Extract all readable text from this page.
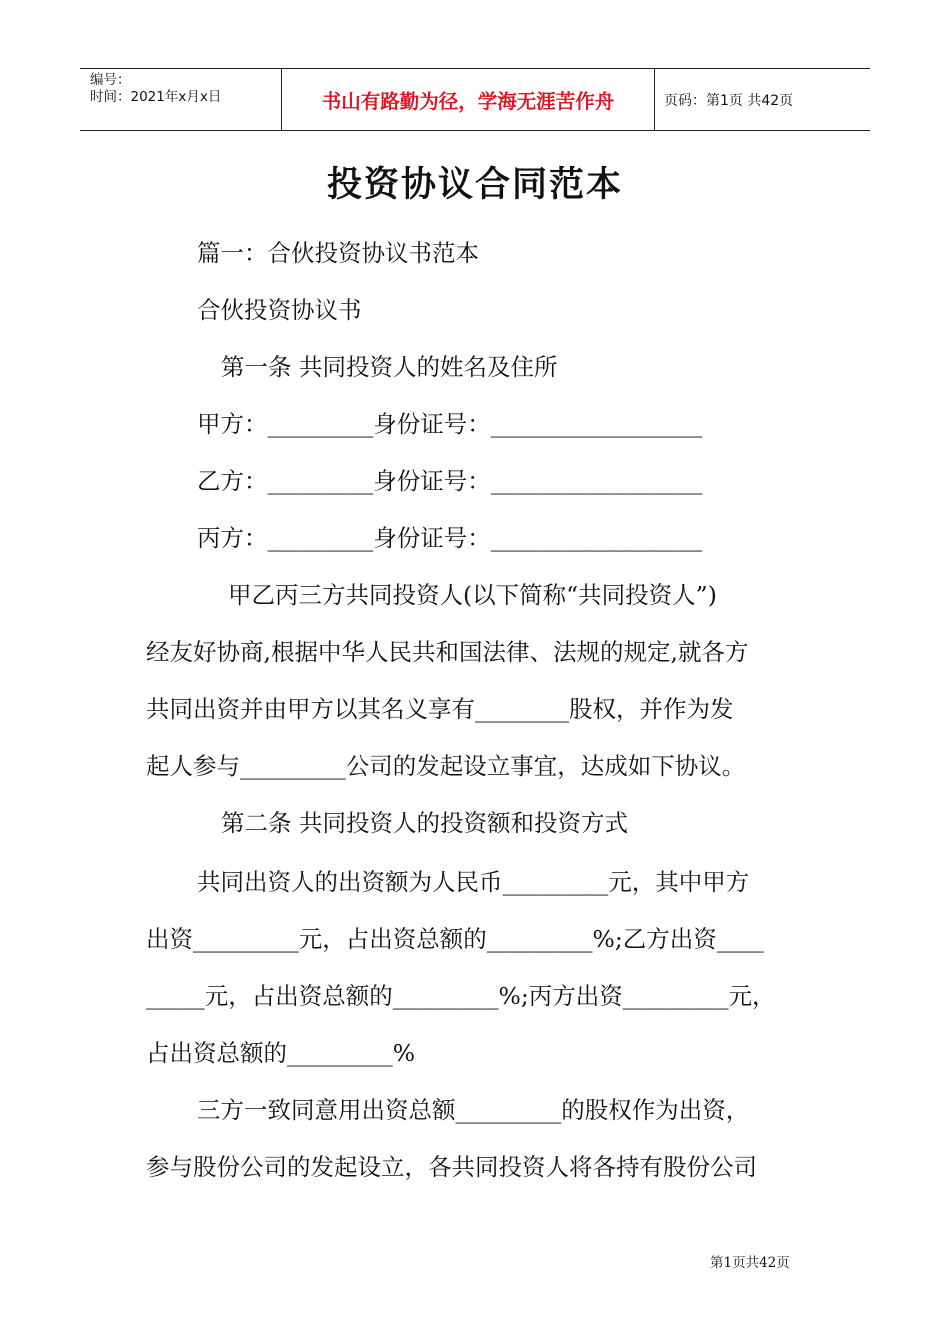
编号：
时间：2021年x月x日	书山有路勤为径，学海无涯苦作舟	页码：第1页 共42页
投资协议合同范本
篇一：合伙投资协议书范本
合伙投资协议书
第一条 共同投资人的姓名及住所
甲方：_________身份证号：__________________
乙方：_________身份证号：__________________
丙方：_________身份证号：__________________
甲乙丙三方共同投资人(以下简称“共同投资人”)
经友好协商,根据中华人民共和国法律、法规的规定,就各方
共同出资并由甲方以其名义享有________股权，并作为发
起人参与_________公司的发起设立事宜，达成如下协议。
第二条 共同投资人的投资额和投资方式
共同出资人的出资额为人民币_________元，其中甲方
出资_________元，占出资总额的_________%;乙方出资____
_____元，占出资总额的_________%;丙方出资_________元，
占出资总额的_________%
三方一致同意用出资总额_________的股权作为出资，
参与股份公司的发起设立，各共同投资人将各持有股份公司
第1页共42页
